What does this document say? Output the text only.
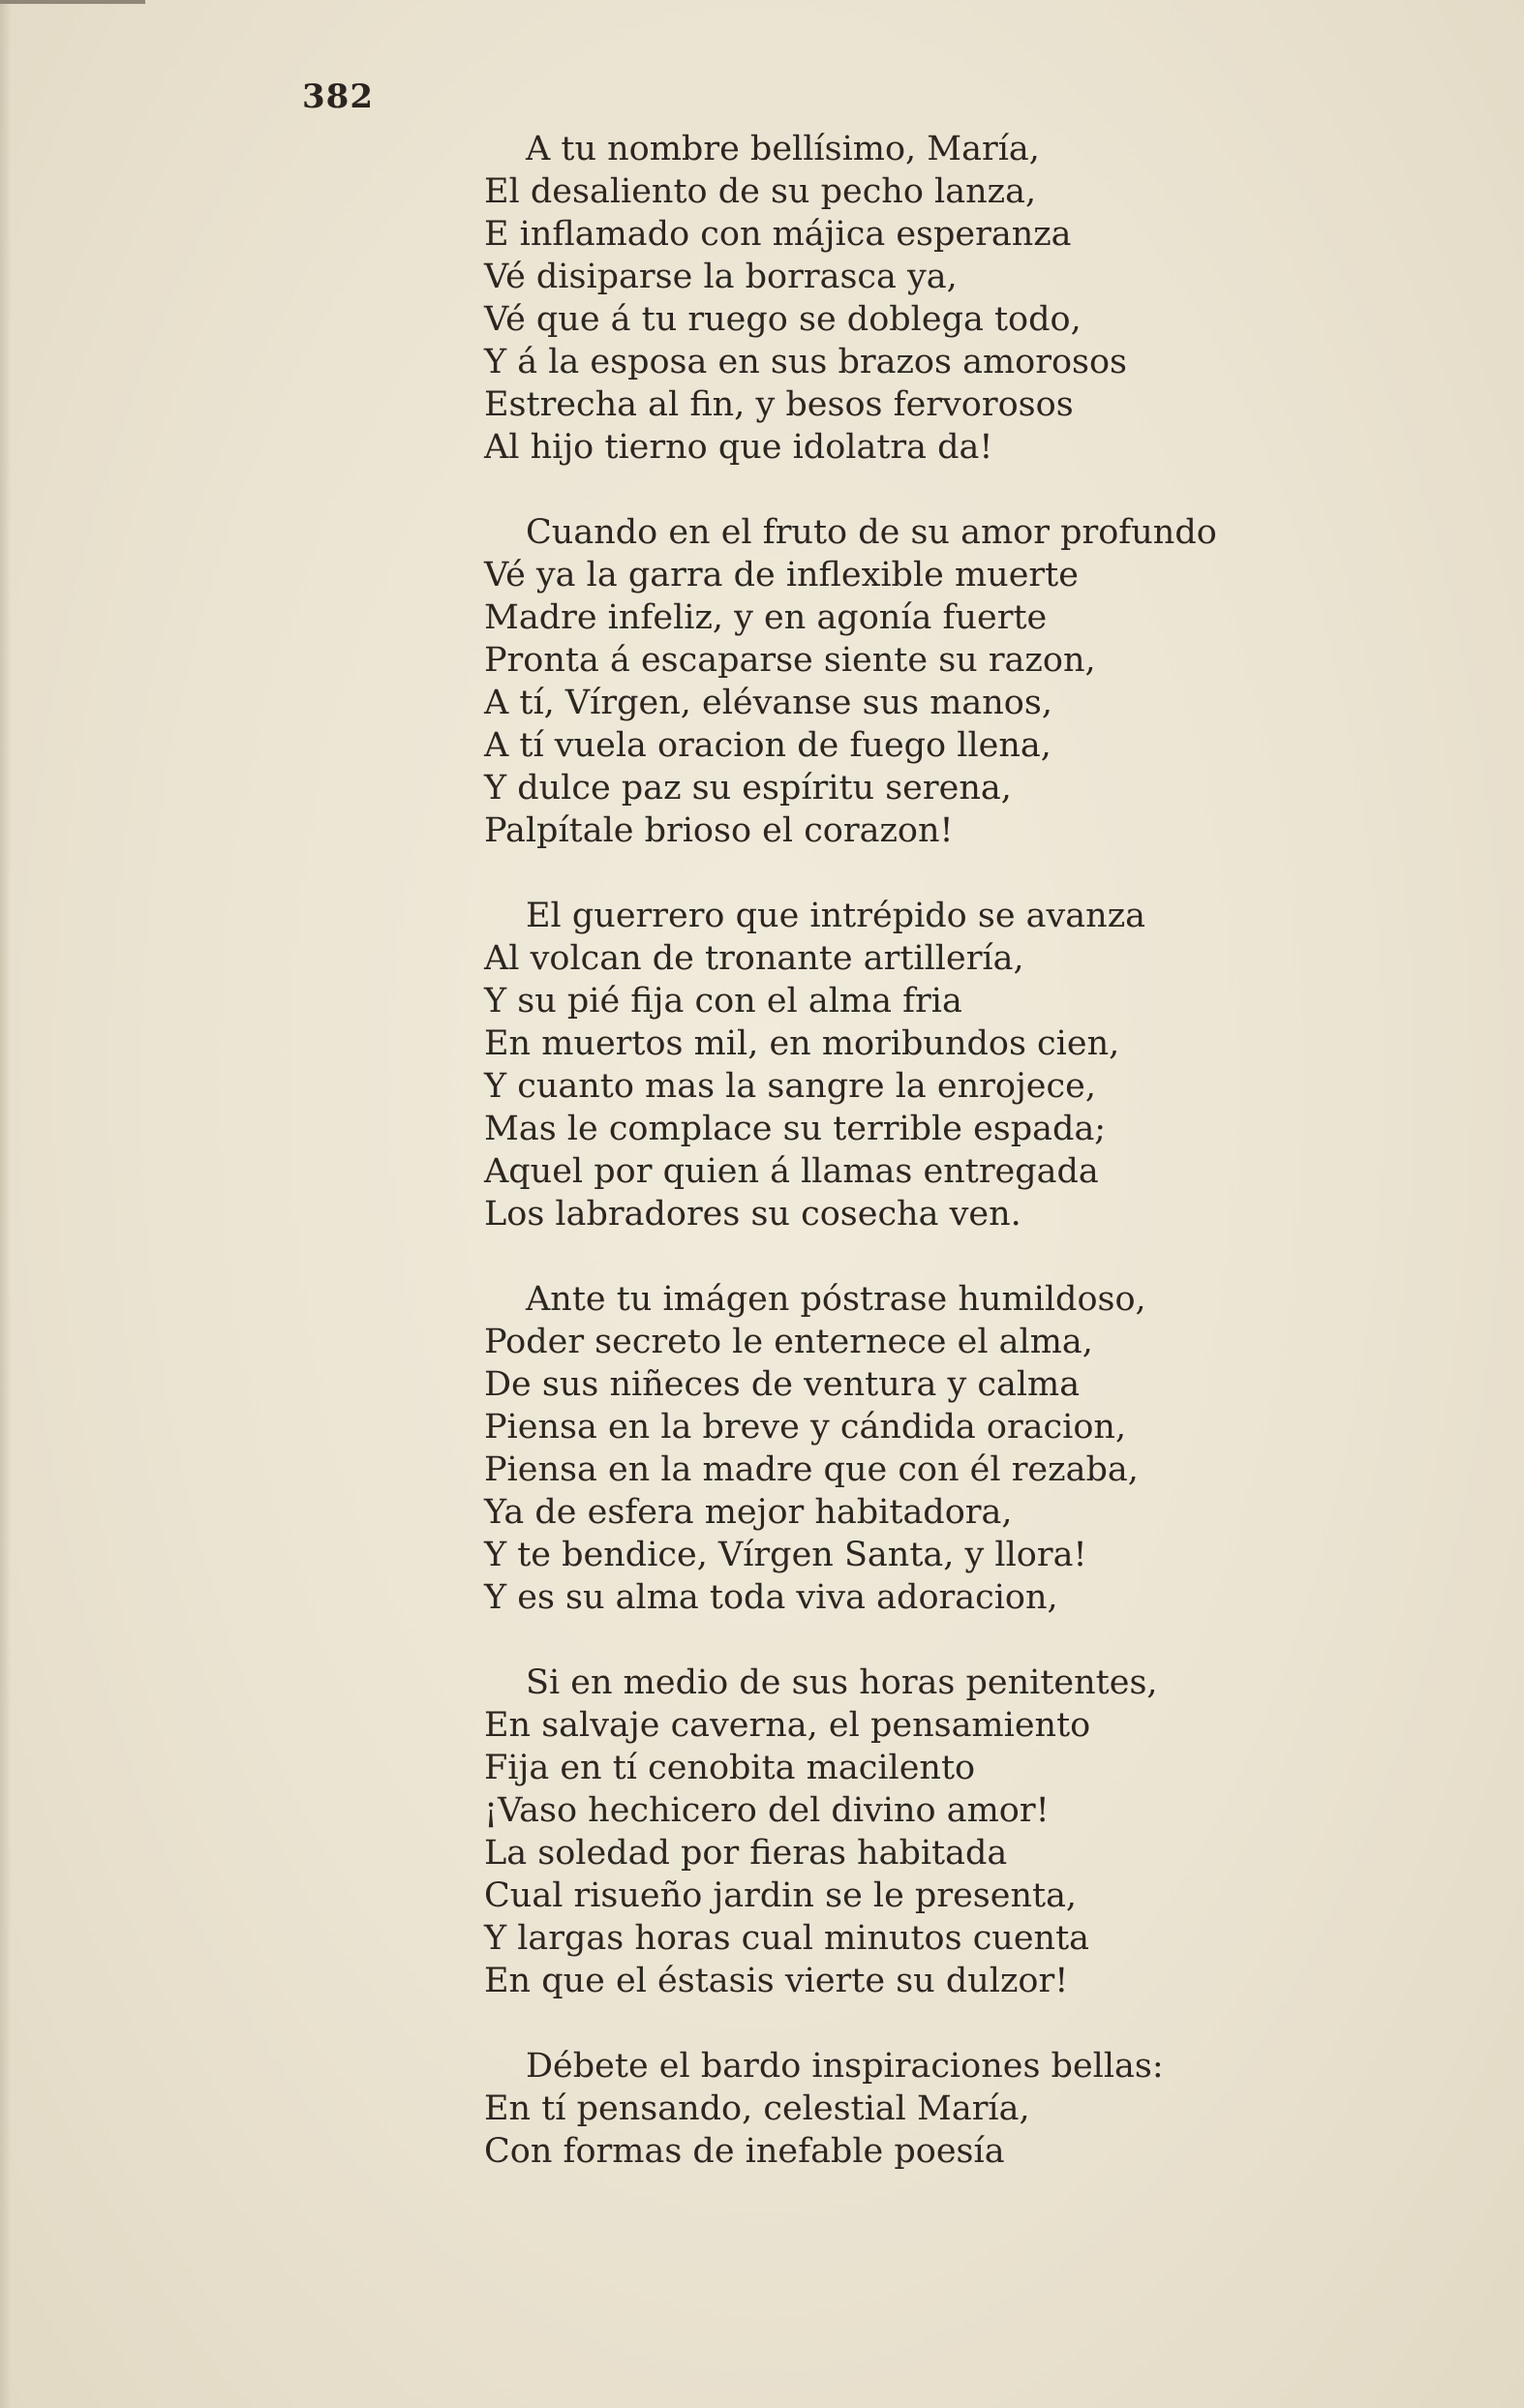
382
A tu nombre bellísimo, María,
El desaliento de su pecho lanza,
E inflamado con májica esperanza
Vé disiparse la borrasca ya,
Vé que á tu ruego se doblega todo,
Y á la esposa en sus brazos amorosos
Estrecha al fin, y besos fervorosos
Al hijo tierno que idolatra da!
Cuando en el fruto de su amor profundo
Vé ya la garra de inflexible muerte
Madre infeliz, y en agonía fuerte
Pronta á escaparse siente su razon,
A tí, Vírgen, elévanse sus manos,
A tí vuela oracion de fuego llena,
Y dulce paz su espíritu serena,
Palpítale brioso el corazon!
El guerrero que intrépido se avanza
Al volcan de tronante artillería,
Y su pié fija con el alma fria
En muertos mil, en moribundos cien,
Y cuanto mas la sangre la enrojece,
Mas le complace su terrible espada;
Aquel por quien á llamas entregada
Los labradores su cosecha ven.
Ante tu imágen póstrase humildoso,
Poder secreto le enternece el alma,
De sus niñeces de ventura y calma
Piensa en la breve y cándida oracion,
Piensa en la madre que con él rezaba,
Ya de esfera mejor habitadora,
Y te bendice, Vírgen Santa, y llora!
Y es su alma toda viva adoracion,
Si en medio de sus horas penitentes,
En salvaje caverna, el pensamiento
Fija en tí cenobita macilento
¡Vaso hechicero del divino amor!
La soledad por fieras habitada
Cual risueño jardin se le presenta,
Y largas horas cual minutos cuenta
En que el éstasis vierte su dulzor!
Débete el bardo inspiraciones bellas:
En tí pensando, celestial María,
Con formas de inefable poesía
